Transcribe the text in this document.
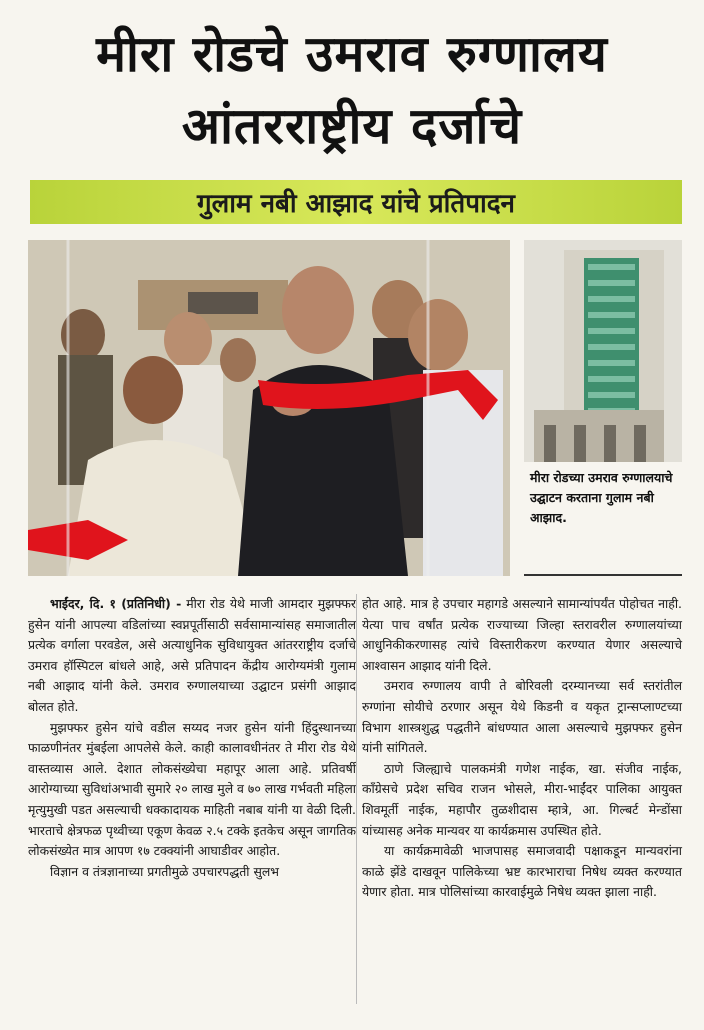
मीरा रोडचे उमराव रुग्णालय
आंतरराष्ट्रीय दर्जाचे
गुलाम नबी आझाद यांचे प्रतिपादन
मीरा रोडच्या उमराव रुग्णालयाचे उद्घाटन करताना गुलाम नबी आझाद.

भाईंदर, दि. १ (प्रतिनिधी) - मीरा रोड येथे माजी आमदार मुझफ्फर हुसेन यांनी आपल्या वडिलांच्या स्वप्नपूर्तीसाठी सर्वसामान्यांसह समाजातील प्रत्येक वर्गाला परवडेल, असे अत्याधुनिक सुविधायुक्त आंतरराष्ट्रीय दर्जाचे उमराव हॉस्पिटल बांधले आहे, असे प्रतिपादन केंद्रीय आरोग्यमंत्री गुलाम नबी आझाद यांनी केले. उमराव रुग्णालयाच्या उद्घाटन प्रसंगी आझाद बोलत होते.

मुझफ्फर हुसेन यांचे वडील सय्यद नजर हुसेन यांनी हिंदुस्थानच्या फाळणीनंतर मुंबईला आपलेसे केले. काही कालावधीनंतर ते मीरा रोड येथे वास्तव्यास आले. देशात लोकसंख्येचा महापूर आला आहे. प्रतिवर्षी आरोग्याच्या सुविधांअभावी सुमारे २० लाख मुले व ७० लाख गर्भवती महिला मृत्युमुखी पडत असल्याची धक्कादायक माहिती नबाब यांनी या वेळी दिली. भारताचे क्षेत्रफळ पृथ्वीच्या एकूण केवळ २.५ टक्के इतकेच असून जागतिक लोकसंख्येत मात्र आपण १७ टक्क्यांनी आघाडीवर आहोत.

विज्ञान व तंत्रज्ञानाच्या प्रगतीमुळे उपचारपद्धती सुलभ

होत आहे. मात्र हे उपचार महागडे असल्याने सामान्यांपर्यंत पोहोचत नाही. येत्या पाच वर्षांत प्रत्येक राज्याच्या जिल्हा स्तरावरील रुग्णालयांच्या आधुनिकीकरणासह त्यांचे विस्तारीकरण करण्यात येणार असल्याचे आश्वासन आझाद यांनी दिले.

उमराव रुग्णालय वापी ते बोरिवली दरम्यानच्या सर्व स्तरांतील रुग्णांना सोयीचे ठरणार असून येथे किडनी व यकृत ट्रान्सप्लाण्टच्या विभाग शास्त्रशुद्ध पद्धतीने बांधण्यात आला असल्याचे मुझफ्फर हुसेन यांनी सांगितले.

ठाणे जिल्ह्याचे पालकमंत्री गणेश नाईक, खा. संजीव नाईक, काँग्रेसचे प्रदेश सचिव राजन भोसले, मीरा-भाईंदर पालिका आयुक्त शिवमूर्ती नाईक, महापौर तुळशीदास म्हात्रे, आ. गिल्बर्ट मेन्डोंसा यांच्यासह अनेक मान्यवर या कार्यक्रमास उपस्थित होते.

या कार्यक्रमावेळी भाजपासह समाजवादी पक्षाकडून मान्यवरांना काळे झेंडे दाखवून पालिकेच्या भ्रष्ट कारभाराचा निषेध व्यक्त करण्यात येणार होता. मात्र पोलिसांच्या कारवाईमुळे निषेध व्यक्त झाला नाही.
